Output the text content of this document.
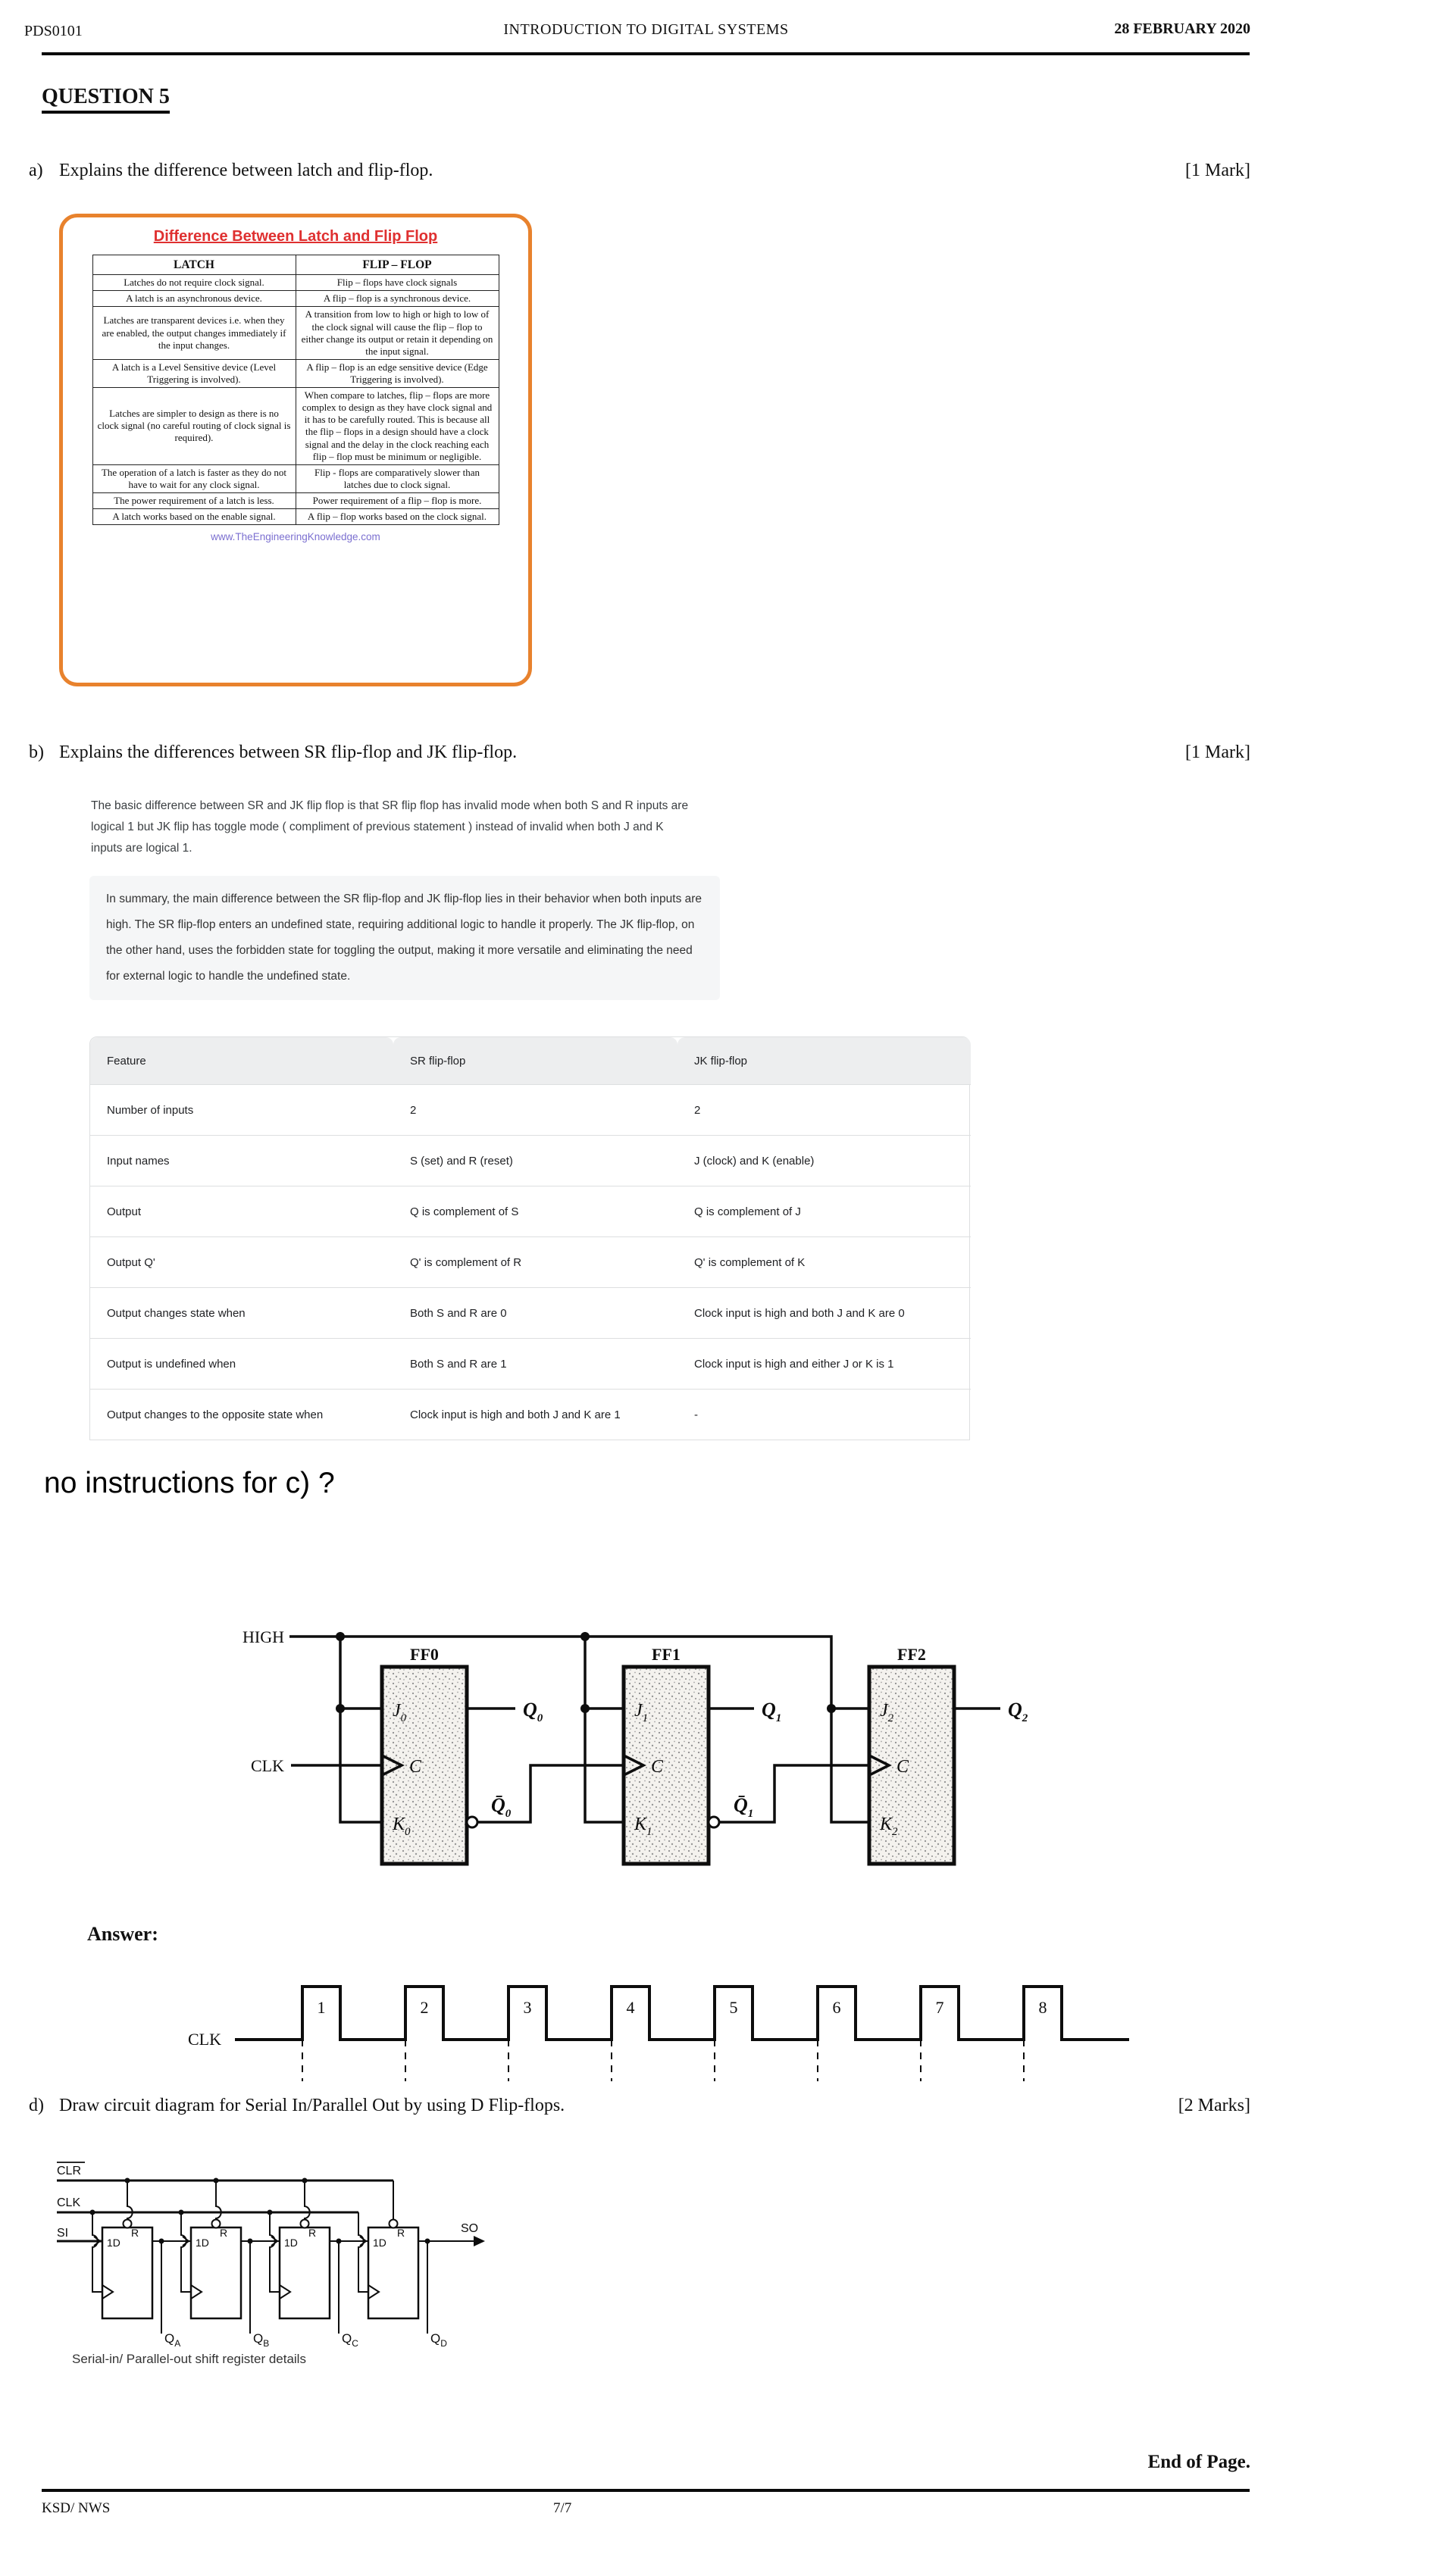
PDS0101	INTRODUCTION TO DIGITAL SYSTEMS	28 FEBRUARY 2020
QUESTION 5
a) Explains the difference between latch and flip-flop.	[1 Mark]
Difference Between Latch and Flip Flop
LATCH	FLIP – FLOP
Latches do not require clock signal.	Flip – flops have clock signals
A latch is an asynchronous device.	A flip – flop is a synchronous device.
Latches are transparent devices i.e. when they are enabled, the output changes immediately if the input changes.	A transition from low to high or high to low of the clock signal will cause the flip – flop to either change its output or retain it depending on the input signal.
A latch is a Level Sensitive device (Level Triggering is involved).	A flip – flop is an edge sensitive device (Edge Triggering is involved).
Latches are simpler to design as there is no clock signal (no careful routing of clock signal is required).	When compare to latches, flip – flops are more complex to design as they have clock signal and it has to be carefully routed. This is because all the flip – flops in a design should have a clock signal and the delay in the clock reaching each flip – flop must be minimum or negligible.
The operation of a latch is faster as they do not have to wait for any clock signal.	Flip - flops are comparatively slower than latches due to clock signal.
The power requirement of a latch is less.	Power requirement of a flip – flop is more.
A latch works based on the enable signal.	A flip – flop works based on the clock signal.
www.TheEngineeringKnowledge.com
b) Explains the differences between SR flip-flop and JK flip-flop.	[1 Mark]
The basic difference between SR and JK flip flop is that SR flip flop has invalid mode when both S and R inputs are logical 1 but JK flip has toggle mode ( compliment of previous statement ) instead of invalid when both J and K inputs are logical 1.
In summary, the main difference between the SR flip-flop and JK flip-flop lies in their behavior when both inputs are high. The SR flip-flop enters an undefined state, requiring additional logic to handle it properly. The JK flip-flop, on the other hand, uses the forbidden state for toggling the output, making it more versatile and eliminating the need for external logic to handle the undefined state.
Feature	SR flip-flop	JK flip-flop
Number of inputs	2	2
Input names	S (set) and R (reset)	J (clock) and K (enable)
Output	Q is complement of S	Q is complement of J
Output Q'	Q' is complement of R	Q' is complement of K
Output changes state when	Both S and R are 0	Clock input is high and both J and K are 0
Output is undefined when	Both S and R are 1	Clock input is high and either J or K is 1
Output changes to the opposite state when	Clock input is high and both J and K are 1	-
no instructions for c) ?
HIGH
CLK
FF0	FF1	FF2
$J_0$
C
$K_0$
$J_1$
C
$K_1$
$J_2$
C
$K_2$
$Q_0$	$Q_1$	$Q_2$
$Q̄_0$	$Q̄_1$
Answer:
CLK
1	2	3	4	5	6	7	8
d) Draw circuit diagram for Serial In/Parallel Out by using D Flip-flops.	[2 Marks]
CLR
CLK
SI
1D
R
1D
R
1D
R
1D
R	SO
$Q_A$	$Q_B$	$Q_C$	$Q_D$
Serial-in/ Parallel-out shift register details
End of Page.
KSD/ NWS	7/7
